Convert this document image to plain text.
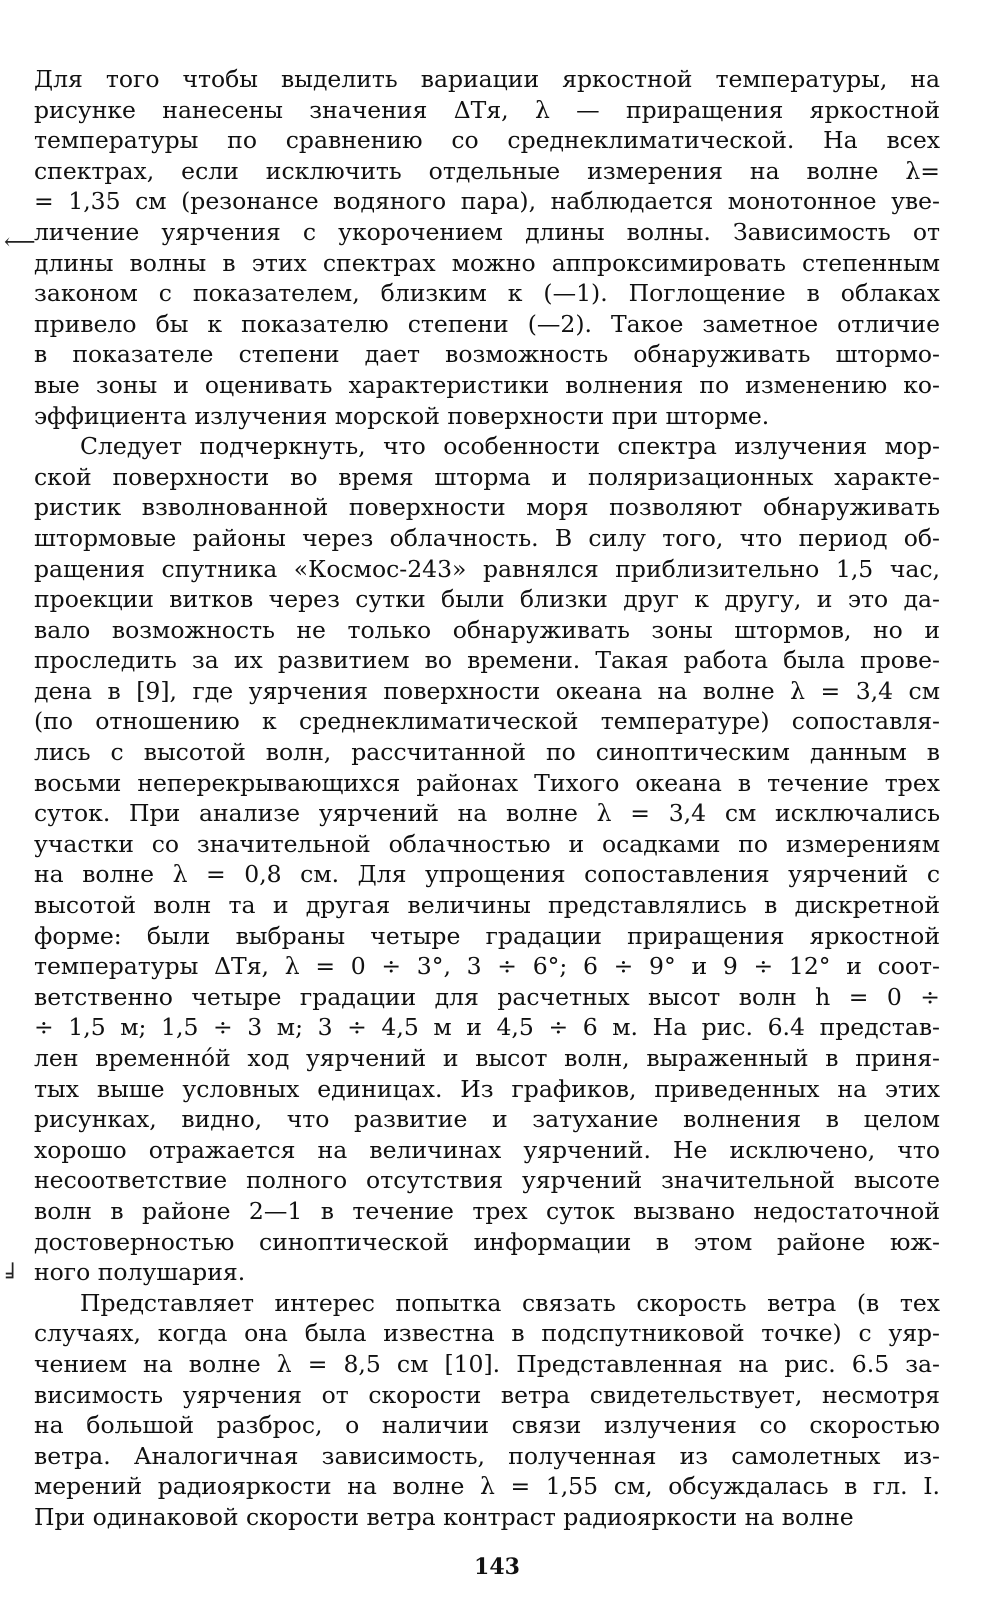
Для того чтобы выделить вариации яркостной температуры, на
рисунке нанесены значения ΔTя, λ — приращения яркостной
температуры по сравнению со среднеклиматической. На всех
спектрах, если исключить отдельные измерения на волне λ=
= 1,35 см (резонансе водяного пара), наблюдается монотонное уве-
личение уярчения с укорочением длины волны. Зависимость от
длины волны в этих спектрах можно аппроксимировать степенным
законом с показателем, близким к (—1). Поглощение в облаках
привело бы к показателю степени (—2). Такое заметное отличие
в показателе степени дает возможность обнаруживать штормо-
вые зоны и оценивать характеристики волнения по изменению ко-
эффициента излучения морской поверхности при шторме.
Следует подчеркнуть, что особенности спектра излучения мор-
ской поверхности во время шторма и поляризационных характе-
ристик взволнованной поверхности моря позволяют обнаруживать
штормовые районы через облачность. В силу того, что период об-
ращения спутника «Космос-243» равнялся приблизительно 1,5 час,
проекции витков через сутки были близки друг к другу, и это да-
вало возможность не только обнаруживать зоны штормов, но и
проследить за их развитием во времени. Такая работа была прове-
дена в [9], где уярчения поверхности океана на волне λ = 3,4 см
(по отношению к среднеклиматической температуре) сопоставля-
лись с высотой волн, рассчитанной по синоптическим данным в
восьми неперекрывающихся районах Тихого океана в течение трех
суток. При анализе уярчений на волне λ = 3,4 см исключались
участки со значительной облачностью и осадками по измерениям
на волне λ = 0,8 см. Для упрощения сопоставления уярчений с
высотой волн та и другая величины представлялись в дискретной
форме: были выбраны четыре градации приращения яркостной
температуры ΔTя, λ = 0 ÷ 3°, 3 ÷ 6°; 6 ÷ 9° и 9 ÷ 12° и соот-
ветственно четыре градации для расчетных высот волн h = 0 ÷
÷ 1,5 м; 1,5 ÷ 3 м; 3 ÷ 4,5 м и 4,5 ÷ 6 м. На рис. 6.4 представ-
лен временно́й ход уярчений и высот волн, выраженный в приня-
тых выше условных единицах. Из графиков, приведенных на этих
рисунках, видно, что развитие и затухание волнения в целом
хорошо отражается на величинах уярчений. Не исключено, что
несоответствие полного отсутствия уярчений значительной высоте
волн в районе 2—1 в течение трех суток вызвано недостаточной
достоверностью синоптической информации в этом районе юж-
ного полушария.
Представляет интерес попытка связать скорость ветра (в тех
случаях, когда она была известна в подспутниковой точке) с уяр-
чением на волне λ = 8,5 см [10]. Представленная на рис. 6.5 за-
висимость уярчения от скорости ветра свидетельствует, несмотря
на большой разброс, о наличии связи излучения со скоростью
ветра. Аналогичная зависимость, полученная из самолетных из-
мерений радиояркости на волне λ = 1,55 см, обсуждалась в гл. I.
При одинаковой скорости ветра контраст радиояркости на волне
⟵
╛
143
